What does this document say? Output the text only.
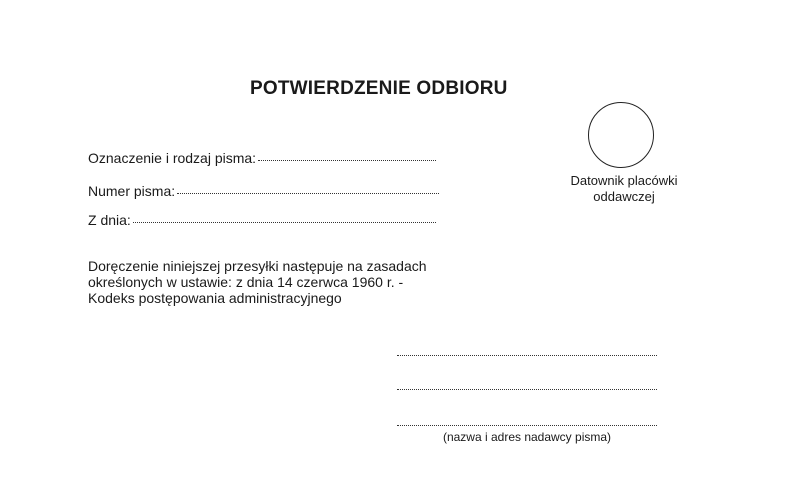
POTWIERDZENIE ODBIORU
Oznaczenie i rodzaj pisma:
Numer pisma:
Z dnia:
Doręczenie niniejszej przesyłki następuje na zasadach
określonych w ustawie: z dnia 14 czerwca 1960 r. -
Kodeks postępowania administracyjnego
Datownik placówki
oddawczej
(nazwa i adres nadawcy pisma)
